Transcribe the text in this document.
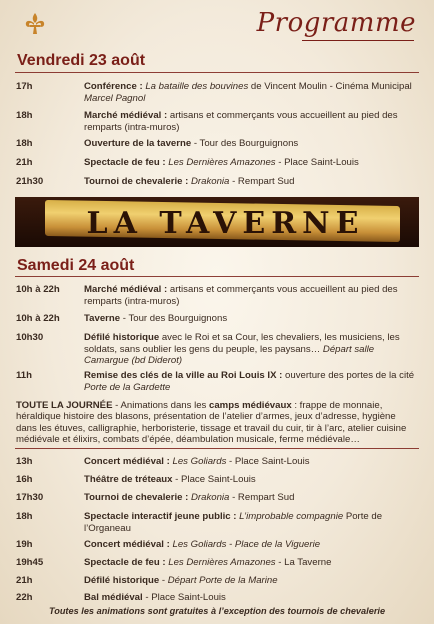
Programme
Vendredi 23 août
17h	Conférence : La bataille des bouvines de Vincent Moulin - Cinéma Municipal Marcel Pagnol
18h	Marché médiéval : artisans et commerçants vous accueillent au pied des remparts (intra-muros)
18h	Ouverture de la taverne - Tour des Bourguignons
21h	Spectacle de feu : Les Dernières Amazones - Place Saint-Louis
21h30	Tournoi de chevalerie : Drakonia - Rempart Sud
LA TAVERNE
Samedi 24 août
10h à 22h	Marché médiéval : artisans et commerçants vous accueillent au pied des remparts (intra-muros)
10h à 22h	Taverne - Tour des Bourguignons
10h30	Défilé historique avec le Roi et sa Cour, les chevaliers, les musiciens, les soldats, sans oublier les gens du peuple, les paysans… Départ salle Camargue (bd Diderot)
11h	Remise des clés de la ville au Roi Louis IX : ouverture des portes de la cité Porte de la Gardette
TOUTE LA JOURNÉE - Animations dans les camps médiévaux : frappe de monnaie, héraldique histoire des blasons, présentation de l’atelier d’armes, jeux d’adresse, hygiène dans les étuves, calligraphie, herboristerie, tissage et travail du cuir, tir à l’arc, atelier cuisine médiévale et élixirs, combats d’épée, déambulation musicale, ferme médiévale…
13h	Concert médiéval : Les Goliards - Place Saint-Louis
16h	Théâtre de tréteaux - Place Saint-Louis
17h30	Tournoi de chevalerie : Drakonia - Rempart Sud
18h	Spectacle interactif jeune public : L’improbable compagnie Porte de l’Organeau
19h	Concert médiéval : Les Goliards - Place de la Viguerie
19h45	Spectacle de feu : Les Dernières Amazones - La Taverne
21h	Défilé historique - Départ Porte de la Marine
22h	Bal médiéval - Place Saint-Louis
Toutes les animations sont gratuites à l’exception des tournois de chevalerie
